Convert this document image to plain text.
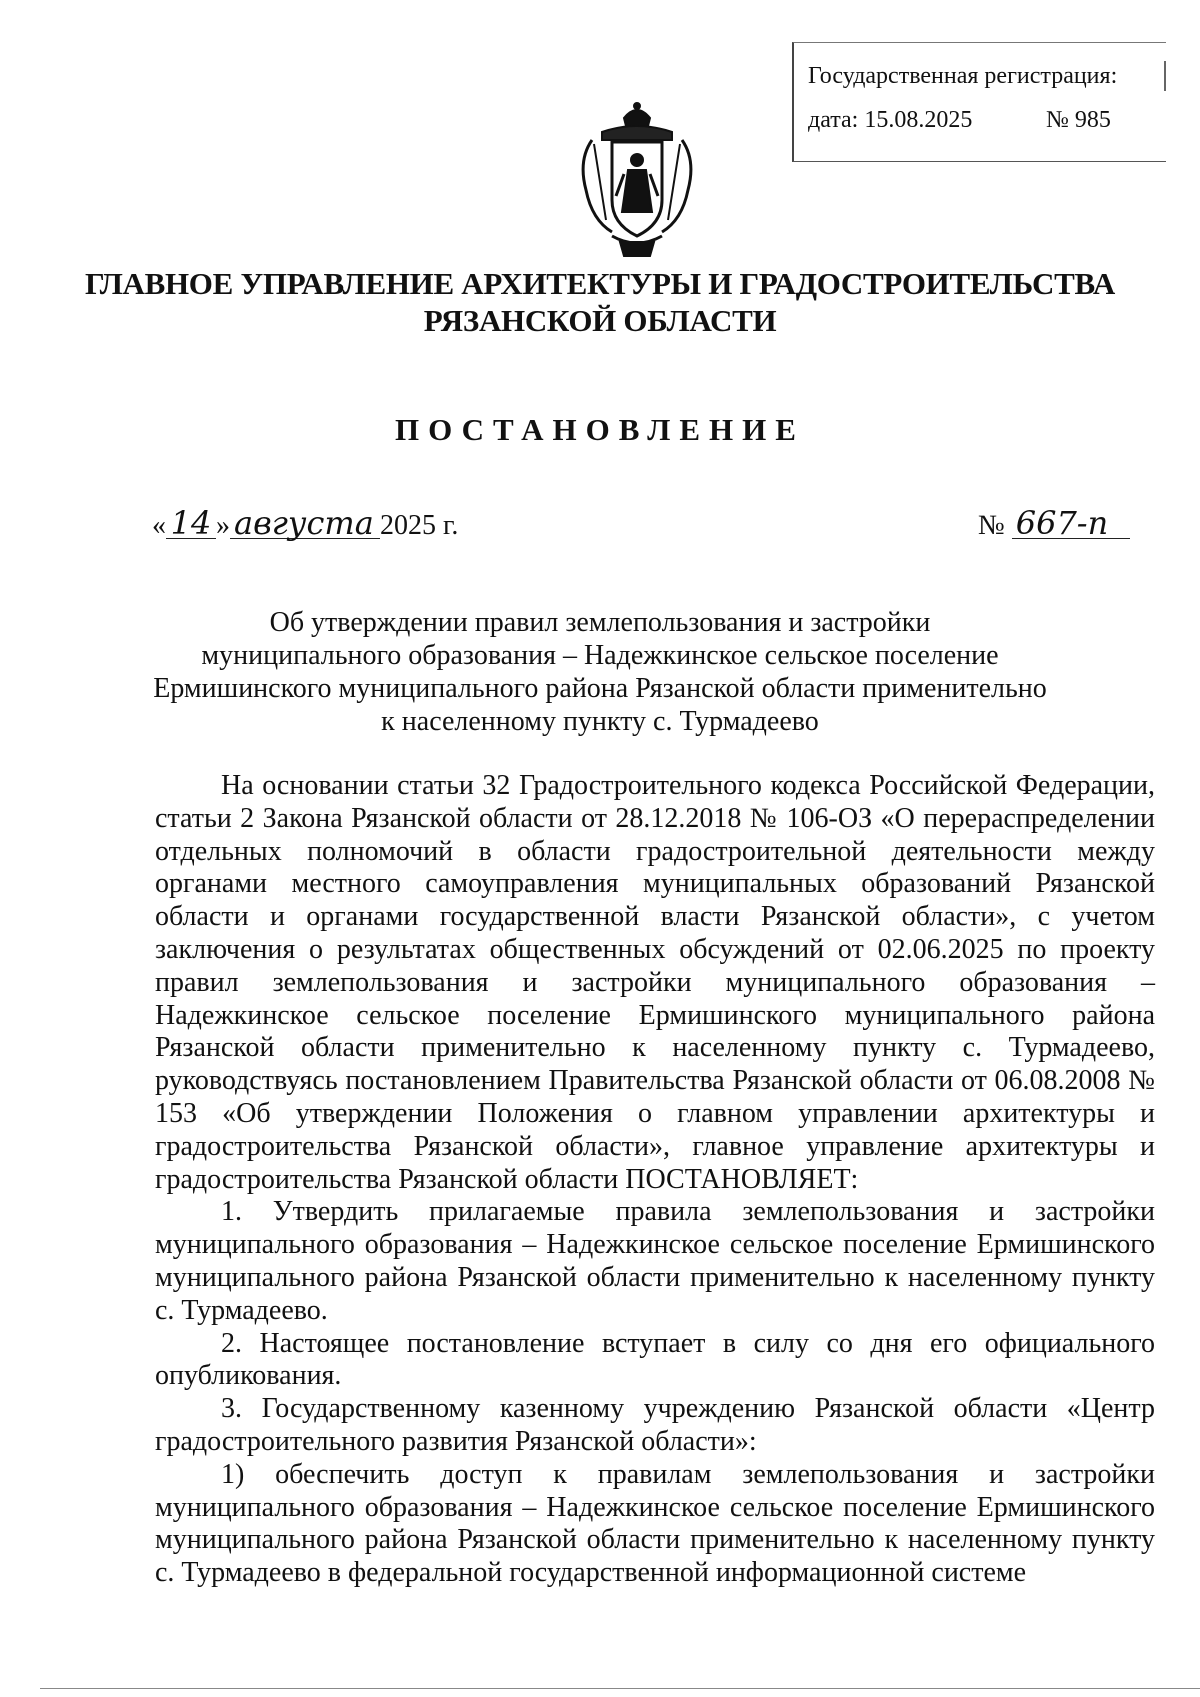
Государственная регистрация:
дата: 15.08.2025	№ 985
ГЛАВНОЕ УПРАВЛЕНИЕ АРХИТЕКТУРЫ И ГРАДОСТРОИТЕЛЬСТВА
РЯЗАНСКОЙ ОБЛАСТИ
ПОСТАНОВЛЕНИЕ
« 14 » августа 2025 г.	№ 667-п
Об утверждении правил землепользования и застройки
муниципального образования – Надежкинское сельское поселение
Ермишинского муниципального района Рязанской области применительно
к населенному пункту с. Турмадеево

На основании статьи 32 Градостроительного кодекса Российской Федерации, статьи 2 Закона Рязанской области от 28.12.2018 № 106-ОЗ «О перераспределении отдельных полномочий в области градостроительной деятельности между органами местного самоуправления муниципальных образований Рязанской области и органами государственной власти Рязанской области», с учетом заключения о результатах общественных обсуждений от 02.06.2025 по проекту правил землепользования и застройки муниципального образования – Надежкинское сельское поселение Ермишинского муниципального района Рязанской области применительно к населенному пункту с. Турмадеево, руководствуясь постановлением Правительства Рязанской области от 06.08.2008 № 153 «Об утверждении Положения о главном управлении архитектуры и градостроительства Рязанской области», главное управление архитектуры и градостроительства Рязанской области ПОСТАНОВЛЯЕТ:

1. Утвердить прилагаемые правила землепользования и застройки муниципального образования – Надежкинское сельское поселение Ермишинского муниципального района Рязанской области применительно к населенному пункту с. Турмадеево.

2. Настоящее постановление вступает в силу со дня его официального опубликования.

3. Государственному казенному учреждению Рязанской области «Центр градостроительного развития Рязанской области»:

1) обеспечить доступ к правилам землепользования и застройки муниципального образования – Надежкинское сельское поселение Ермишинского муниципального района Рязанской области применительно к населенному пункту с. Турмадеево в федеральной государственной информационной системе
